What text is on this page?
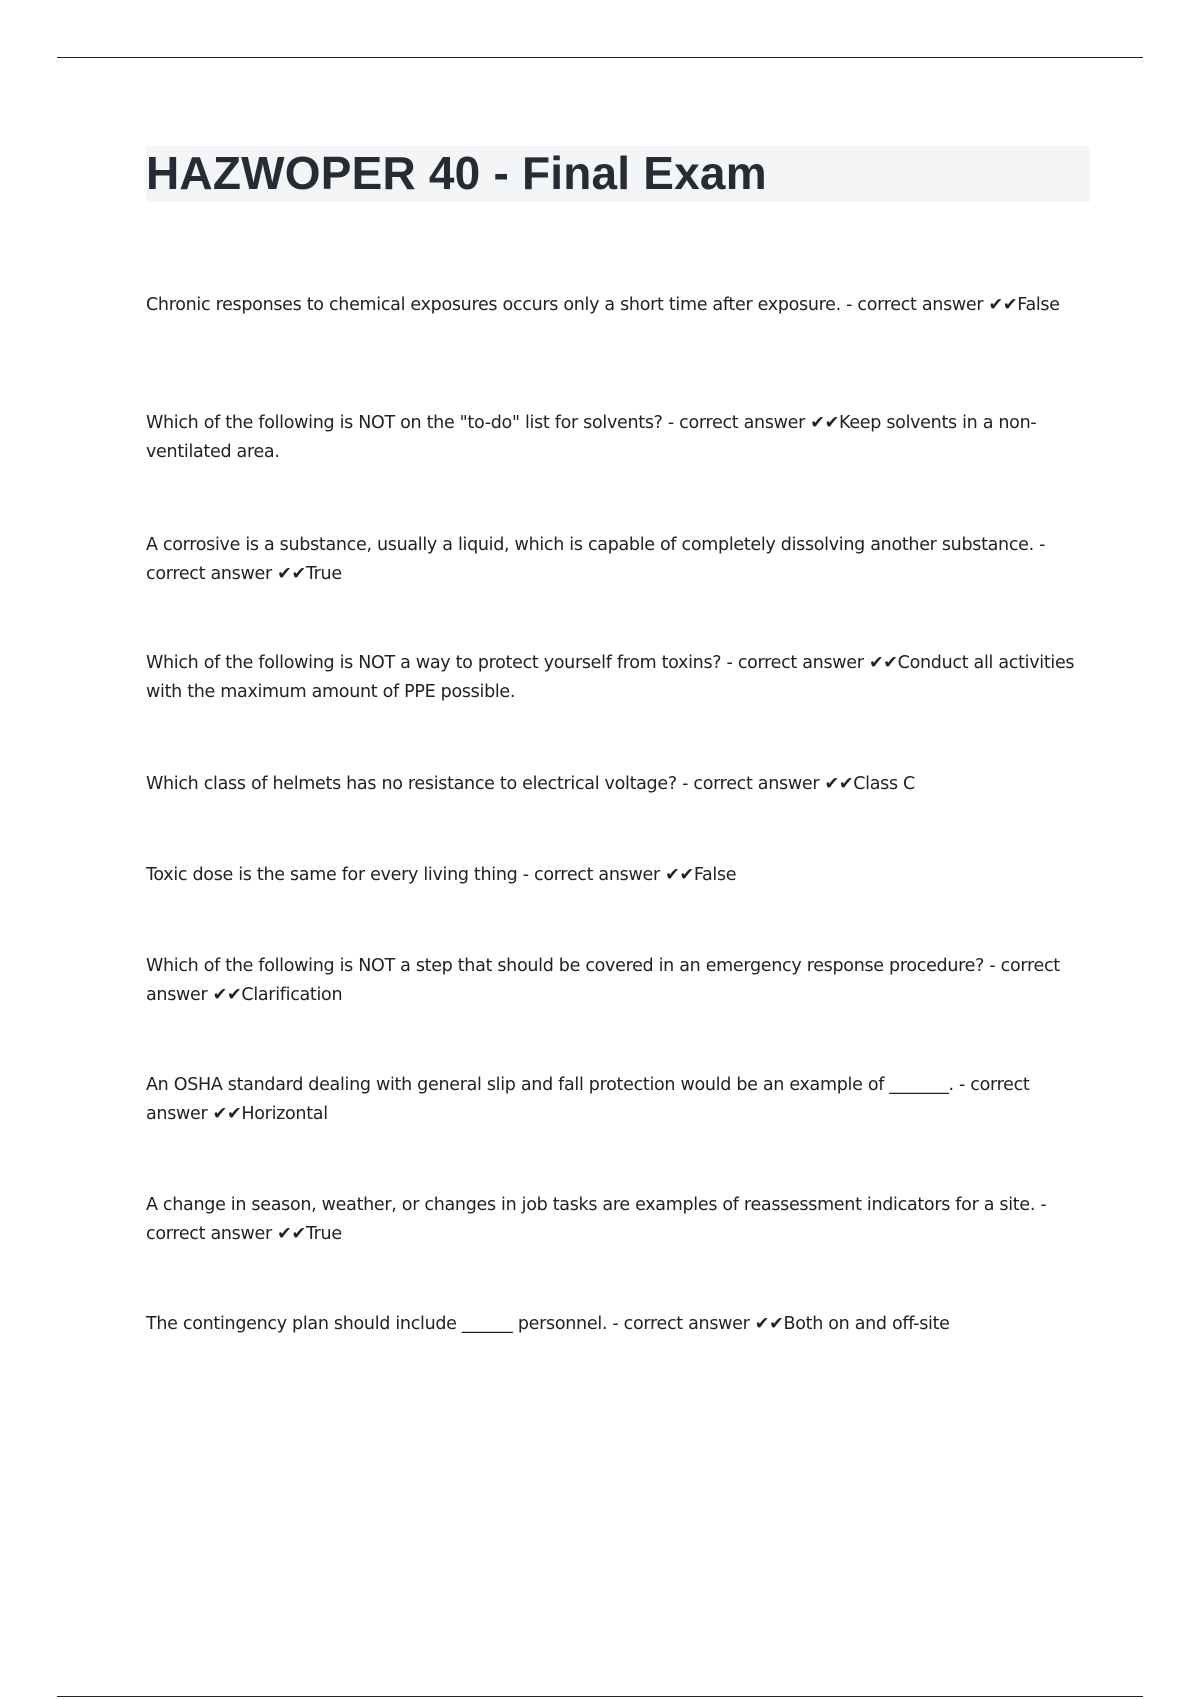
HAZWOPER 40 - Final Exam
Chronic responses to chemical exposures occurs only a short time after exposure. - correct answer ✔✔False
Which of the following is NOT on the "to-do" list for solvents? - correct answer ✔✔Keep solvents in a non-ventilated area.
A corrosive is a substance, usually a liquid, which is capable of completely dissolving another substance. - correct answer ✔✔True
Which of the following is NOT a way to protect yourself from toxins? - correct answer ✔✔Conduct all activities with the maximum amount of PPE possible.
Which class of helmets has no resistance to electrical voltage? - correct answer ✔✔Class C
Toxic dose is the same for every living thing - correct answer ✔✔False
Which of the following is NOT a step that should be covered in an emergency response procedure? - correct answer ✔✔Clarification
An OSHA standard dealing with general slip and fall protection would be an example of _______. - correct answer ✔✔Horizontal
A change in season, weather, or changes in job tasks are examples of reassessment indicators for a site. - correct answer ✔✔True
The contingency plan should include ______ personnel. - correct answer ✔✔Both on and off-site
